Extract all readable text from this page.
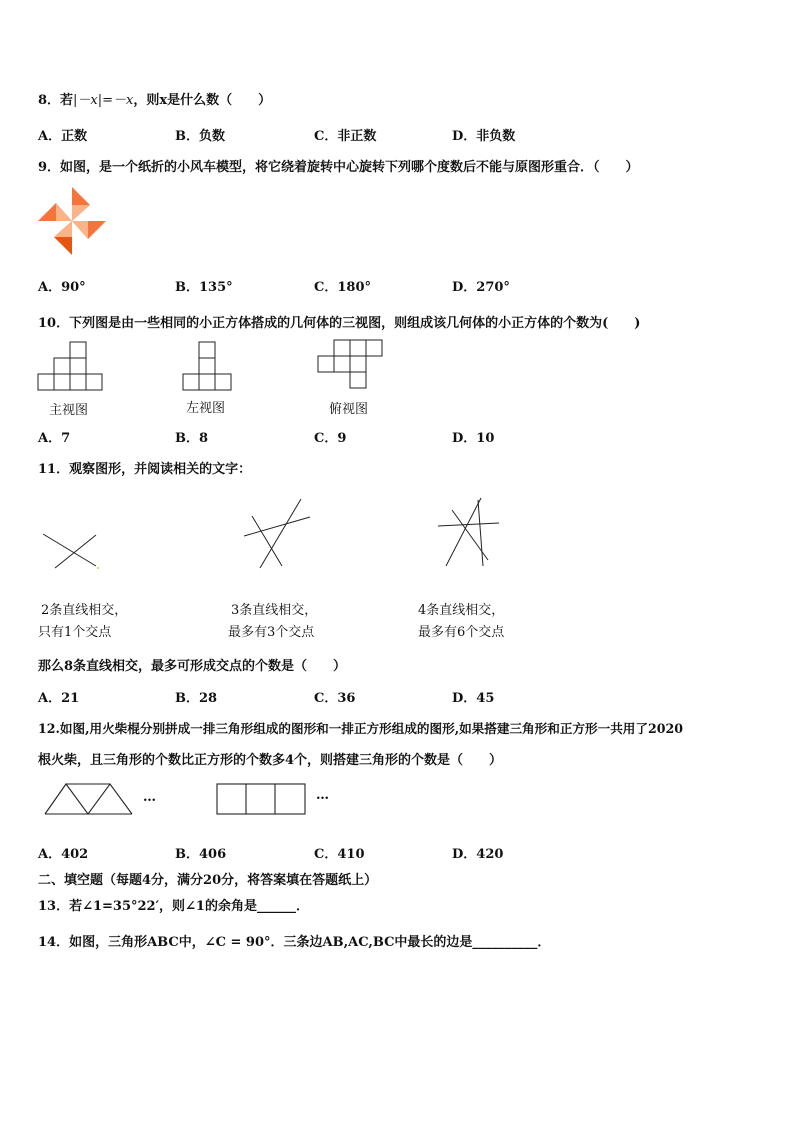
8．若|－x|=－x，则x是什么数（　　）
A．正数	B．负数	C．非正数	D．非负数
9．如图，是一个纸折的小风车模型，将它绕着旋转中心旋转下列哪个度数后不能与原图形重合．（　　）
A．90°	B．135°	C．180°	D．270°
10．下列图是由一些相同的小正方体搭成的几何体的三视图，则组成该几何体的小正方体的个数为(　　)
主视图	左视图	俯视图
A．7	B．8	C．9	D．10
11．观察图形，并阅读相关的文字：
2条直线相交，
只有1个交点
3条直线相交，
最多有3个交点
4条直线相交，
最多有6个交点
那么8条直线相交，最多可形成交点的个数是（　　）
A．21	B．28	C．36	D．45
12.如图,用火柴棍分别拼成一排三角形组成的图形和一排正方形组成的图形,如果搭建三角形和正方形一共用了2020
根火柴，且三角形的个数比正方形的个数多4个，则搭建三角形的个数是（　　）
…	…
A．402	B．406	C．410	D．420
二、填空题（每题4分，满分20分，将答案填在答题纸上）
13．若∠1=35°22′，则∠1的余角是______．
14．如图，三角形ABC中，∠C = 90°．三条边AB,AC,BC中最长的边是__________．
